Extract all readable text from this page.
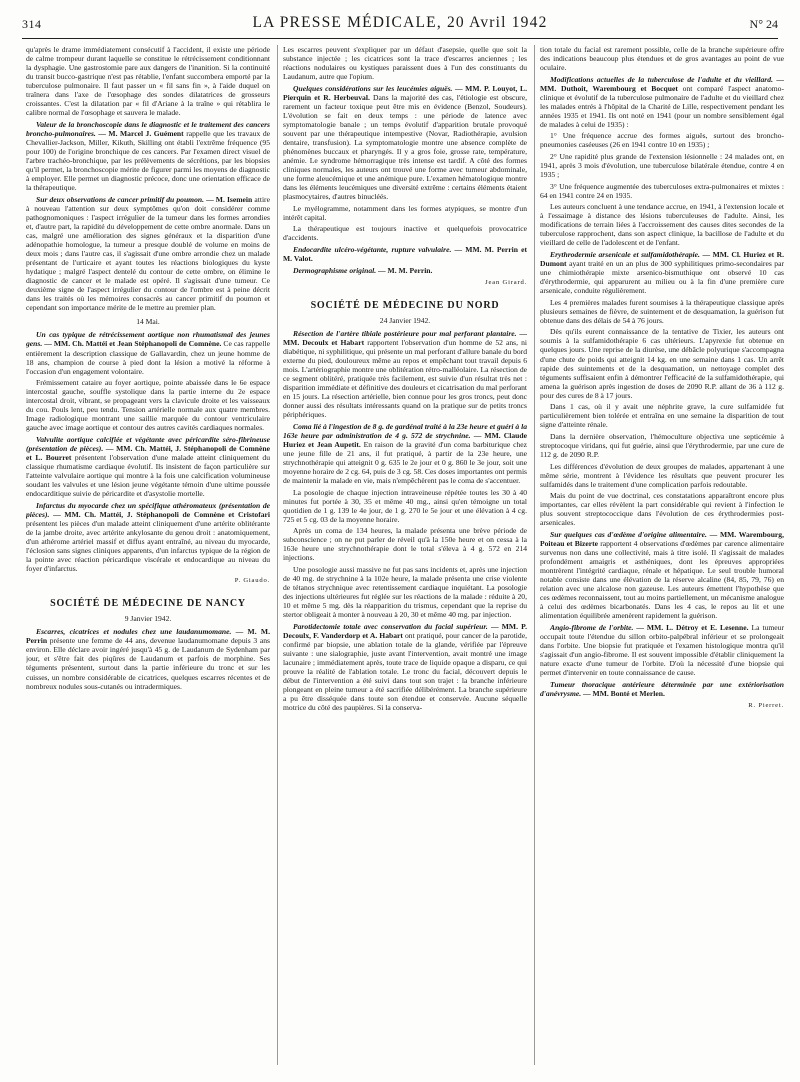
314	LA PRESSE MÉDICALE, 20 Avril 1942	N° 24

qu'après le drame immédiatement consécutif à l'accident, il existe une période de calme trompeur durant laquelle se constitue le rétrécissement conditionnant la dysphagie. Une gastrostomie pare aux dangers de l'inanition. Si la continuité du transit bucco-gastrique n'est pas rétablie, l'enfant succombera emporté par la tuberculose pulmonaire. Il faut passer un « fil sans fin », à l'aide duquel on traînera dans l'axe de l'œsophage des sondes dilatatrices de grosseurs croissantes. C'est la dilatation par « fil d'Ariane à la traîne » qui rétablira le calibre normal de l'œsophage et sauvera le malade.

Valeur de la bronchoscopie dans le diagnostic et le traitement des cancers broncho-pulmonaires. — M. Marcel J. Guément rappelle que les travaux de Chevallier-Jackson, Miller, Kikuth, Skilling ont établi l'extrême fréquence (95 pour 100) de l'origine bronchique de ces cancers. Par l'examen direct visuel de l'arbre trachéo-bronchique, par les prélèvements de sécrétions, par les biopsies qu'il permet, la bronchoscopie mérite de figurer parmi les moyens de diagnostic à employer. Elle permet un diagnostic précoce, donc une orientation efficace de la thérapeutique.

Sur deux observations de cancer primitif du poumon. — M. Isemein attire à nouveau l'attention sur deux symptômes qu'on doit considérer comme pathognomoniques : l'aspect irrégulier de la tumeur dans les formes arrondies et, d'autre part, la rapidité du développement de cette ombre anormale. Dans un cas, malgré une amélioration des signes généraux et la disparition d'une adénopathie homologue, la tumeur a presque doublé de volume en moins de deux mois ; dans l'autre cas, il s'agissait d'une ombre arrondie chez un malade présentant de l'urticaire et ayant toutes les réactions biologiques du kyste hydatique ; malgré l'aspect dentelé du contour de cette ombre, on élimine le diagnostic de cancer et le malade est opéré. Il s'agissait d'une tumeur. Ce deuxième signe de l'aspect irrégulier du contour de l'ombre est à peine décrit dans les traités où les mémoires consacrés au cancer primitif du poumon et cependant son importance mérite de le mettre au premier plan.

14 Mai.

Un cas typique de rétrécissement aortique non rhumatismal des jeunes gens. — MM. Ch. Mattéi et Jean Stéphanopoli de Comnène. Ce cas rappelle entièrement la description classique de Gallavardin, chez un jeune homme de 18 ans, champion de course à pied dont la lésion a motivé la réforme à l'occasion d'un engagement volontaire.

Frémissement cataire au foyer aortique, pointe abaissée dans le 6e espace intercostal gauche, souffle systolique dans la partie interne du 2e espace intercostal droit, vibrant, se propageant vers la clavicule droite et les vaisseaux du cou. Pouls lent, peu tendu. Tension artérielle normale aux quatre membres. Image radiologique montrant une saillie marquée du contour ventriculaire gauche avec image aortique et contour des autres cavités cardiaques normales.

Valvulite aortique calcifiée et végétante avec péricardite séro-fibrineuse (présentation de pièces). — MM. Ch. Mattéi, J. Stéphanopoli de Comnène et L. Bourret présentent l'observation d'une malade atteint cliniquement du classique rhumatisme cardiaque évolutif. Ils insistent de façon particulière sur l'atteinte valvulaire aortique qui montre à la fois une calcification volumineuse soudant les valvules et une lésion jeune végétante témoin d'une ultime poussée endocarditique suivie de péricardite et d'asystolie mortelle.

Infarctus du myocarde chez un spécifique athéromateux (présentation de pièces). — MM. Ch. Mattéi, J. Stéphanopoli de Comnène et Cristofari présentent les pièces d'un malade atteint cliniquement d'une artérite oblitérante de la jambe droite, avec artérite ankylosante du genou droit : anatomiquement, d'un athérome artériel massif et diffus ayant entraîné, au niveau du myocarde, l'éclosion sans signes cliniques apparents, d'un infarctus typique de la région de la pointe avec réaction péricardique viscérale et endocardique au niveau du foyer d'infarctus.

P. Giaudo.

SOCIÉTÉ DE MÉDECINE DE NANCY

9 Janvier 1942.

Escarres, cicatrices et nodules chez une laudanumomane. — M. M. Perrin présente une femme de 44 ans, devenue laudanumomane depuis 3 ans environ. Elle déclare avoir ingéré jusqu'à 45 g. de Laudanum de Sydenham par jour, et s'être fait des piqûres de Laudanum et parfois de morphine. Ses téguments présentent, surtout dans la partie inférieure du tronc et sur les cuisses, un nombre considérable de cicatrices, quelques escarres récentes et de nombreux nodules sous-cutanés ou intradermiques.

Les escarres peuvent s'expliquer par un défaut d'asepsie, quelle que soit la substance injectée ; les cicatrices sont la trace d'escarres anciennes ; les réactions nodulaires ou kystiques paraissent dues à l'un des constituants du Laudanum, autre que l'opium.

Quelques considérations sur les leucémies aiguës. — MM. P. Louyot, L. Pierquin et R. Herbeuval. Dans la majorité des cas, l'étiologie est obscure, rarement un facteur toxique peut être mis en évidence (Benzol, Soudeurs). L'évolution se fait en deux temps : une période de latence avec symptomatologie banale ; un temps évolutif d'apparition brutale provoqué souvent par une thérapeutique intempestive (Novar, Radiothérapie, avulsion dentaire, transfusion). La symptomatologie montre une absence complète de phénomènes buccaux et pharyngés. Il y a gros foie, grosse rate, température, anémie. Le syndrome hémorragique très intense est tardif. A côté des formes cliniques normales, les auteurs ont trouvé une forme avec tumeur abdominale, une forme aleucémique et une anémique pure. L'examen hématologique montre dans les éléments leucémiques une diversité extrême : certains éléments étaient plasmocytaires, d'autres binucléés.

Le myélogramme, notamment dans les formes atypiques, se montre d'un intérêt capital.

La thérapeutique est toujours inactive et quelquefois provocatrice d'accidents.

Endocardite ulcéro-végétante, rupture valvulaire. — MM. M. Perrin et M. Valot.

Dermographisme original. — M. M. Perrin.

Jean Girard.

SOCIÉTÉ DE MÉDECINE DU NORD

24 Janvier 1942.

Résection de l'artère tibiale postérieure pour mal perforant plantaire. — MM. Decoulx et Habart rapportent l'observation d'un homme de 52 ans, ni diabétique, ni syphilitique, qui présente un mal perforant d'allure banale du bord externe du pied, douloureux même au repos et empêchant tout travail depuis 6 mois. L'artériographie montre une oblitération rétro-malléolaire. La résection de ce segment oblitéré, pratiquée très facilement, est suivie d'un résultat très net : disparition immédiate et définitive des douleurs et cicatrisation du mal perforant en 15 jours. La résection artérielle, bien connue pour les gros troncs, peut donc donner aussi des résultats intéressants quand on la pratique sur de petits troncs périphériques.

Coma lié à l'ingestion de 8 g. de gardénal traité à la 23e heure et guéri à la 163e heure par administration de 4 g. 572 de strychnine. — MM. Claude Huriez et Jean Aupetit. En raison de la gravité d'un coma barbiturique chez une jeune fille de 21 ans, il fut pratiqué, à partir de la 23e heure, une strychnothérapie qui atteignit 0 g. 635 le 2e jour et 0 g. 860 le 3e jour, soit une moyenne horaire de 2 cg. 64, puis de 3 cg. 58. Ces doses importantes ont permis de maintenir la malade en vie, mais n'empêchèrent pas le coma de s'accentuer.

La posologie de chaque injection intraveineuse répétée toutes les 30 à 40 minutes fut portée à 30, 35 et même 40 mg., ainsi qu'en témoigne un total quotidien de 1 g. 139 le 4e jour, de 1 g. 270 le 5e jour et une élévation à 4 cg. 725 et 5 cg. 03 de la moyenne horaire.

Après un coma de 134 heures, la malade présenta une brève période de subconscience ; on ne put parler de réveil qu'à la 150e heure et on cessa à la 163e heure une strychnothérapie dont le total s'éleva à 4 g. 572 en 214 injections.

Une posologie aussi massive ne fut pas sans incidents et, après une injection de 40 mg. de strychnine à la 102e heure, la malade présenta une crise violente de tétanos strychnique avec retentissement cardiaque inquiétant. La posologie des injections ultérieures fut réglée sur les réactions de la malade : réduite à 20, 10 et même 5 mg. dès la réapparition du trismus, cependant que la reprise du stertor obligeait à monter à nouveau à 20, 30 et même 40 mg. par injection.

Parotidectomie totale avec conservation du facial supérieur. — MM. P. Decoulx, F. Vanderdorp et A. Habart ont pratiqué, pour cancer de la parotide, confirmé par biopsie, une ablation totale de la glande, vérifiée par l'épreuve suivante : une sialographie, juste avant l'intervention, avait montré une image lacunaire ; immédiatement après, toute trace de liquide opaque a disparu, ce qui prouve la réalité de l'ablation totale. Le tronc du facial, découvert depuis le début de l'intervention a été suivi dans tout son trajet : la branche inférieure plongeant en pleine tumeur a été sacrifiée délibérément. La branche supérieure a pu être disséquée dans toute son étendue et conservée. Aucune séquelle motrice du côté des paupières. Si la conserva-

tion totale du facial est rarement possible, celle de la branche supérieure offre des indications beaucoup plus étendues et de gros avantages au point de vue oculaire.

Modifications actuelles de la tuberculose de l'adulte et du vieillard. — MM. Duthoit, Warembourg et Bocquet ont comparé l'aspect anatomo-clinique et évolutif de la tuberculose pulmonaire de l'adulte et du vieillard chez les malades entrés à l'hôpital de la Charité de Lille, respectivement pendant les années 1935 et 1941. Ils ont noté en 1941 (pour un nombre sensiblement égal de malades à celui de 1935) :

1° Une fréquence accrue des formes aiguës, surtout des broncho-pneumonies caséeuses (26 en 1941 contre 10 en 1935) ;

2° Une rapidité plus grande de l'extension lésionnelle : 24 malades ont, en 1941, après 3 mois d'évolution, une tuberculose bilatérale étendue, contre 4 en 1935 ;

3° Une fréquence augmentée des tuberculoses extra-pulmonaires et mixtes : 64 en 1941 contre 24 en 1935.

Les auteurs concluent à une tendance accrue, en 1941, à l'extension locale et à l'essaimage à distance des lésions tuberculeuses de l'adulte. Ainsi, les modifications de terrain liées à l'accroissement des causes dites secondes de la tuberculose rapprochent, dans son aspect clinique, la bacillose de l'adulte et du vieillard de celle de l'adolescent et de l'enfant.

Erythrodermie arsenicale et sulfamidothérapie. — MM. Cl. Huriez et R. Dumont ayant traité en un an plus de 300 syphilitiques primo-secondaires par une chimiothérapie mixte arsenico-bismuthique ont observé 10 cas d'érythrodermie, qui apparurent au milieu ou à la fin d'une première cure arsenicale, conduite régulièrement.

Les 4 premières malades furent soumises à la thérapeutique classique après plusieurs semaines de fièvre, de suintement et de desquamation, la guérison fut obtenue dans des délais de 54 à 76 jours.

Dès qu'ils eurent connaissance de la tentative de Tixier, les auteurs ont soumis à la sulfamidothérapie 6 cas ultérieurs. L'apyrexie fut obtenue en quelques jours. Une reprise de la diurèse, une débâcle polyurique s'accompagna d'une chute de poids qui atteignit 14 kg. en une semaine dans 1 cas. Un arrêt rapide des suintements et de la desquamation, un nettoyage complet des téguments suffisaient enfin à démontrer l'efficacité de la sulfamidothérapie, qui amena la guérison après ingestion de doses de 2090 R.P. allant de 36 à 112 g. pour des cures de 8 à 17 jours.

Dans 1 cas, où il y avait une néphrite grave, la cure sulfamidée fut particulièrement bien tolérée et entraîna en une semaine la disparition de tout signe d'atteinte rénale.

Dans la dernière observation, l'hémoculture objectiva une septicémie à streptocoque viridans, qui fut guérie, ainsi que l'érythrodermie, par une cure de 112 g. de 2090 R.P.

Les différences d'évolution de deux groupes de malades, appartenant à une même série, montrent à l'évidence les résultats que peuvent procurer les sulfamidés dans le traitement d'une complication parfois redoutable.

Mais du point de vue doctrinal, ces constatations apparaîtront encore plus importantes, car elles révèlent la part considérable qui revient à l'infection le plus souvent streptococcique dans l'évolution de ces érythrodermies post-arsenicales.

Sur quelques cas d'œdème d'origine alimentaire. — MM. Warembourg, Poiteau et Bizerte rapportent 4 observations d'œdèmes par carence alimentaire survenus non dans une collectivité, mais à titre isolé. Il s'agissait de malades profondément amaigris et asthéniques, dont les épreuves appropriées montrèrent l'intégrité cardiaque, rénale et hépatique. Le seul trouble humoral notable consiste dans une élévation de la réserve alcaline (84, 85, 79, 76) en relation avec une alcalose non gazeuse. Les auteurs émettent l'hypothèse que ces œdèmes reconnaissent, tout au moins partiellement, un mécanisme analogue à celui des œdèmes bicarbonatés. Dans les 4 cas, le repos au lit et une alimentation équilibrée amenèrent rapidement la guérison.

Angio-fibrome de l'orbite. — MM. L. Détroy et E. Lesenne. La tumeur occupait toute l'étendue du sillon orbito-palpébral inférieur et se prolongeait dans l'orbite. Une biopsie fut pratiquée et l'examen histologique montra qu'il s'agissait d'un angio-fibrome. Il est souvent impossible d'établir cliniquement la nature exacte d'une tumeur de l'orbite. D'où la nécessité d'une biopsie qui permet d'intervenir en toute connaissance de cause.

Tumeur thoracique antérieure déterminée par une extériorisation d'anévrysme. — MM. Bonté et Merlen.

R. Pierret.
